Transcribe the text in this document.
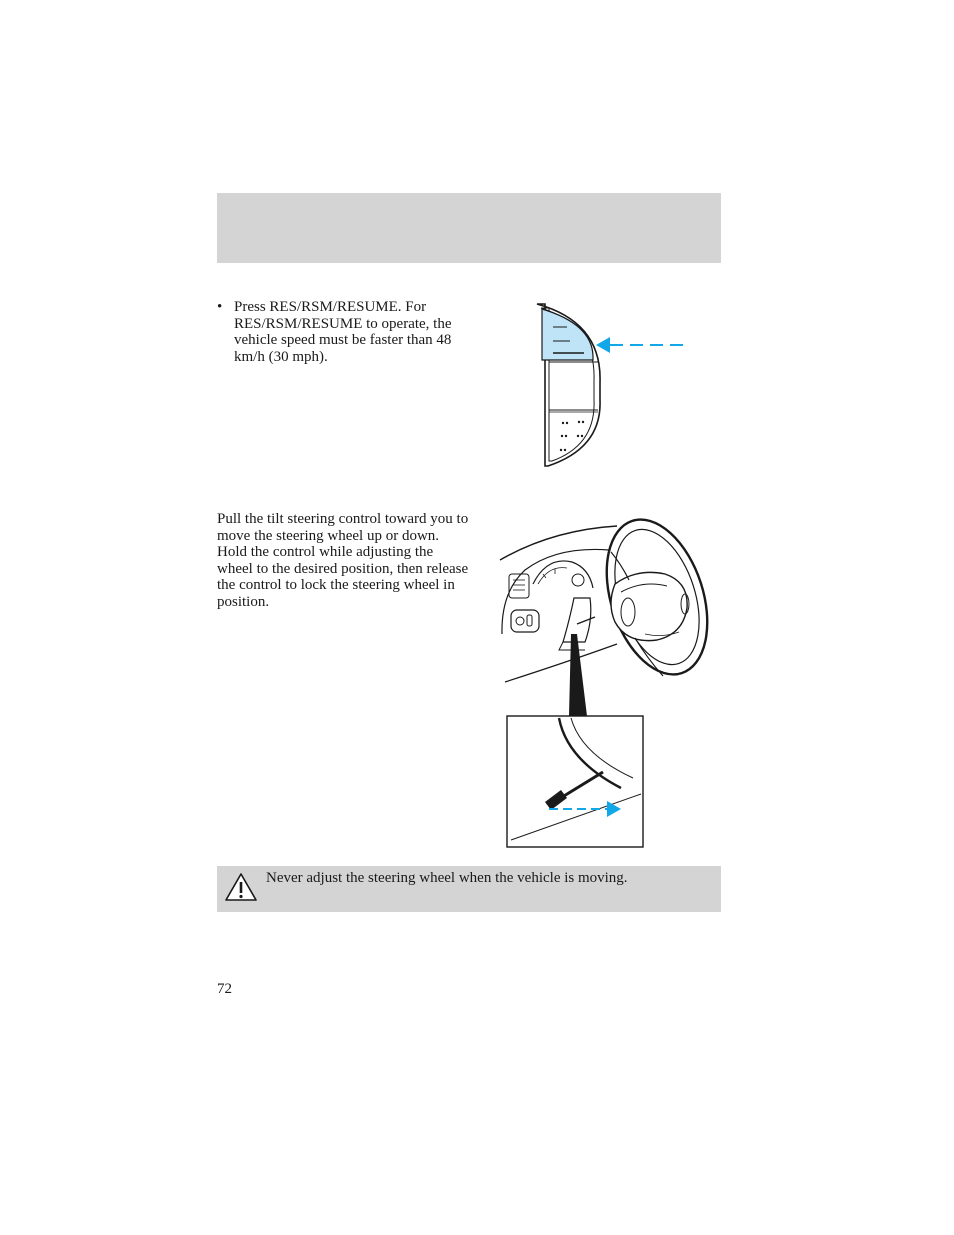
• Press RES/RSM/RESUME. For RES/RSM/RESUME to operate, the vehicle speed must be faster than 48 km/h (30 mph).
Pull the tilt steering control toward you to move the steering wheel up or down. Hold the control while adjusting the wheel to the desired position, then release the control to lock the steering wheel in position.
Never adjust the steering wheel when the vehicle is moving.
72
